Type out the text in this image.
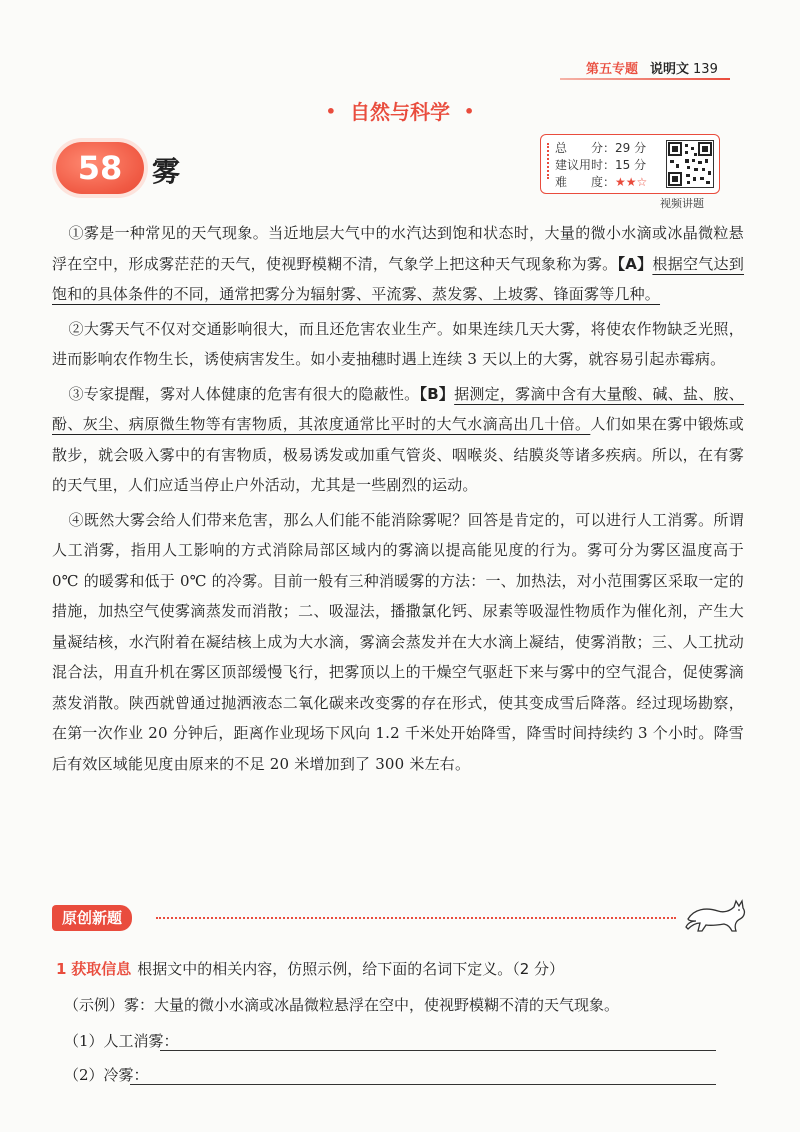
第五专题 说明文 139
• 自然与科学 •
58 雾
总　　分：29 分
建议用时：15 分
难　　度：★★☆
视频讲题

①雾是一种常见的天气现象。当近地层大气中的水汽达到饱和状态时，大量的微小水滴或冰晶微粒悬浮在空中，形成雾茫茫的天气，使视野模糊不清，气象学上把这种天气现象称为雾。【A】根据空气达到饱和的具体条件的不同，通常把雾分为辐射雾、平流雾、蒸发雾、上坡雾、锋面雾等几种。

②大雾天气不仅对交通影响很大，而且还危害农业生产。如果连续几天大雾，将使农作物缺乏光照，进而影响农作物生长，诱使病害发生。如小麦抽穗时遇上连续 3 天以上的大雾，就容易引起赤霉病。

③专家提醒，雾对人体健康的危害有很大的隐蔽性。【B】据测定，雾滴中含有大量酸、碱、盐、胺、酚、灰尘、病原微生物等有害物质，其浓度通常比平时的大气水滴高出几十倍。人们如果在雾中锻炼或散步，就会吸入雾中的有害物质，极易诱发或加重气管炎、咽喉炎、结膜炎等诸多疾病。所以，在有雾的天气里，人们应适当停止户外活动，尤其是一些剧烈的运动。

④既然大雾会给人们带来危害，那么人们能不能消除雾呢？回答是肯定的，可以进行人工消雾。所谓人工消雾，指用人工影响的方式消除局部区域内的雾滴以提高能见度的行为。雾可分为雾区温度高于 0℃ 的暖雾和低于 0℃ 的冷雾。目前一般有三种消暖雾的方法：一、加热法，对小范围雾区采取一定的措施，加热空气使雾滴蒸发而消散；二、吸湿法，播撒氯化钙、尿素等吸湿性物质作为催化剂，产生大量凝结核，水汽附着在凝结核上成为大水滴，雾滴会蒸发并在大水滴上凝结，使雾消散；三、人工扰动混合法，用直升机在雾区顶部缓慢飞行，把雾顶以上的干燥空气驱赶下来与雾中的空气混合，促使雾滴蒸发消散。陕西就曾通过抛洒液态二氧化碳来改变雾的存在形式，使其变成雪后降落。经过现场勘察，在第一次作业 20 分钟后，距离作业现场下风向 1.2 千米处开始降雪，降雪时间持续约 3 个小时。降雪后有效区域能见度由原来的不足 20 米增加到了 300 米左右。

原创新题
1 获取信息 根据文中的相关内容，仿照示例，给下面的名词下定义。（2 分）
（示例）雾：大量的微小水滴或冰晶微粒悬浮在空中，使视野模糊不清的天气现象。
（1）人工消雾：
（2）冷雾：
